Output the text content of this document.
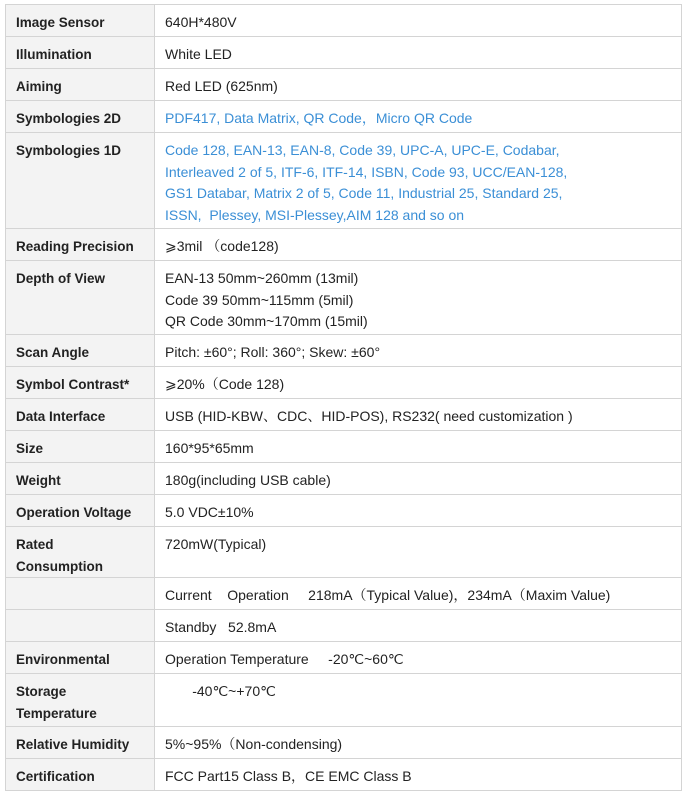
Image Sensor	640H*480V
Illumination	White LED
Aiming	Red LED (625nm)
Symbologies 2D	PDF417, Data Matrix, QR Code，Micro QR Code
Symbologies 1D	Code 128, EAN-13, EAN-8, Code 39, UPC-A, UPC-E, Codabar,
Interleaved 2 of 5, ITF-6, ITF-14, ISBN, Code 93, UCC/EAN-128,
GS1 Databar, Matrix 2 of 5, Code 11, Industrial 25, Standard 25,
ISSN,  Plessey, MSI-Plessey,AIM 128 and so on

Reading Precision	⩾3mil （code128)
Depth of View	EAN-13 50mm~260mm (13mil)
Code 39 50mm~115mm (5mil)
QR Code 30mm~170mm (15mil)

Scan Angle	Pitch: ±60°; Roll: 360°; Skew: ±60°
Symbol Contrast*	⩾20%（Code 128)
Data Interface	USB (HID-KBW、CDC、HID-POS), RS232( need customization )
Size	160*95*65mm
Weight	180g(including USB cable)
Operation Voltage	5.0 VDC±10%
Rated Consumption	720mW(Typical)
	Current    Operation     218mA（Typical Value)，234mA（Maxim Value)
	Standby   52.8mA
Environmental	Operation Temperature     -20℃~60℃

Storage
Temperature	-40℃~+70℃
Relative Humidity	5%~95%（Non-condensing)
Certification	FCC Part15 Class B，CE EMC Class B
